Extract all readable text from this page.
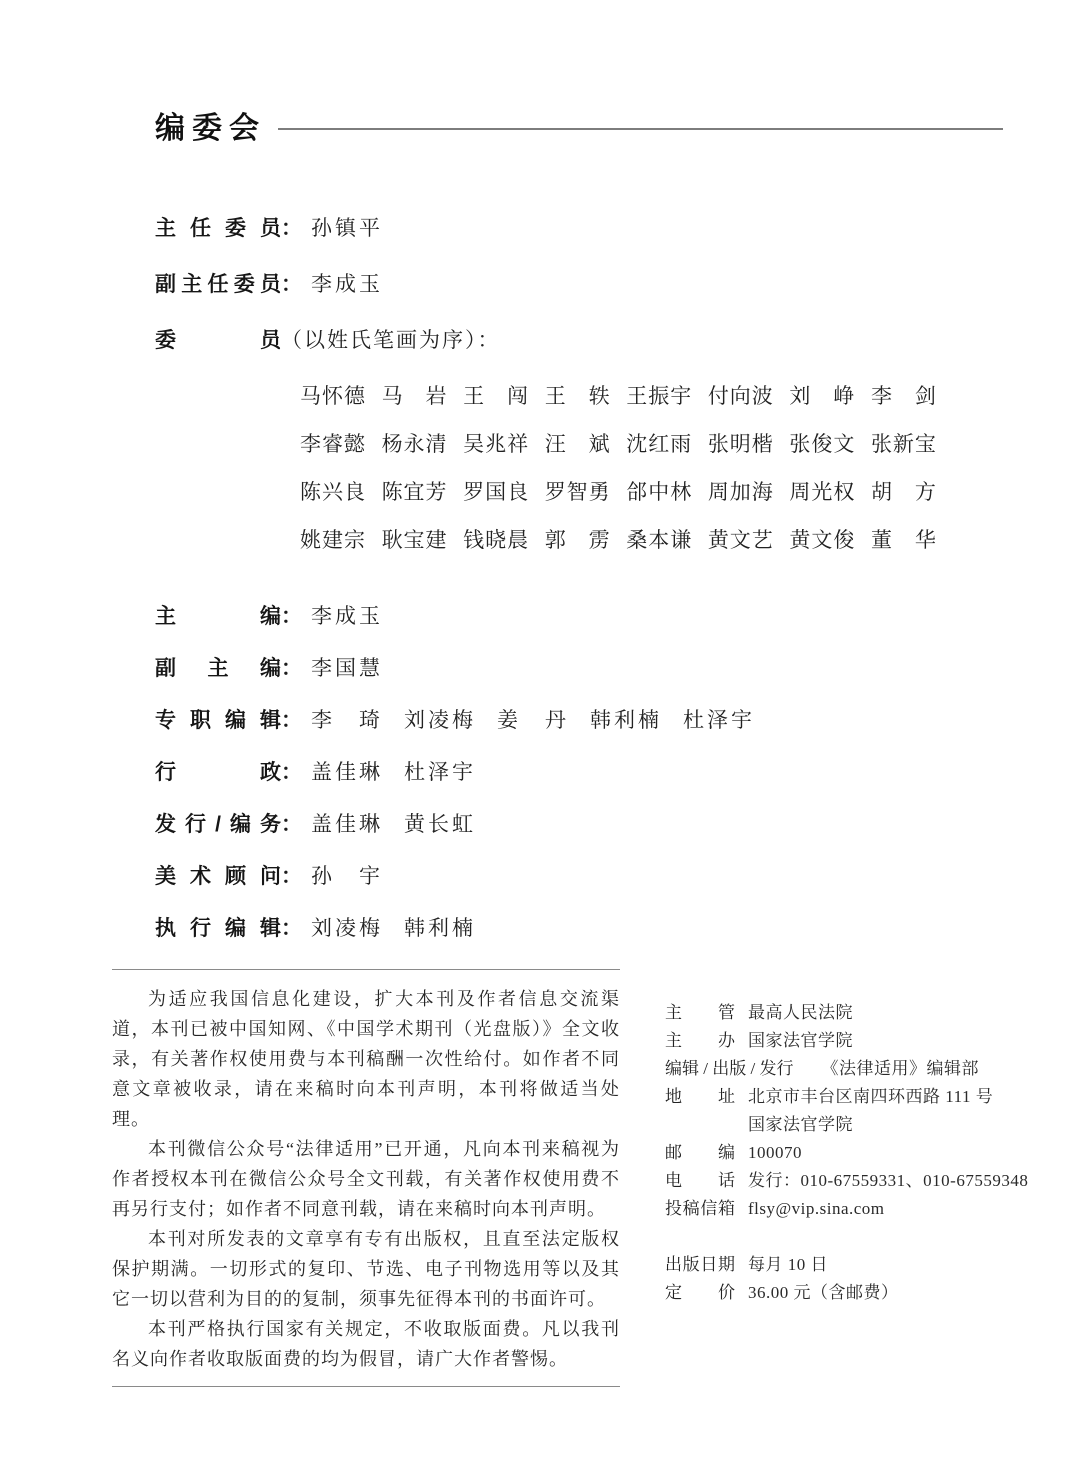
编委会
主任委员 ： 孙镇平
副主任委员 ： 李成玉
委员 （以姓氏笔画为序）：
马怀德 马　岩 王　闯 王　轶 王振宇 付向波 刘　峥 李　剑
李睿懿 杨永清 吴兆祥 汪　斌 沈红雨 张明楷 张俊文 张新宝
陈兴良 陈宜芳 罗国良 罗智勇 郃中林 周加海 周光权 胡　方
姚建宗 耿宝建 钱晓晨 郭　雳 桑本谦 黄文艺 黄文俊 董　华
主编 ： 李成玉
副主编 ： 李国慧
专职编辑 ： 李　琦 刘凌梅 姜　丹 韩利楠 杜泽宇
行政 ： 盖佳琳 杜泽宇
发行/编务 ： 盖佳琳 黄长虹
美术顾问 ： 孙　宇
执行编辑 ： 刘凌梅 韩利楠

为适应我国信息化建设，扩大本刊及作者信息交流渠道，本刊已被中国知网、《中国学术期刊（光盘版）》全文收录，有关著作权使用费与本刊稿酬一次性给付。如作者不同意文章被收录，请在来稿时向本刊声明，本刊将做适当处理。

本刊微信公众号“法律适用”已开通，凡向本刊来稿视为作者授权本刊在微信公众号全文刊载，有关著作权使用费不再另行支付；如作者不同意刊载，请在来稿时向本刊声明。

本刊对所发表的文章享有专有出版权，且直至法定版权保护期满。一切形式的复印、节选、电子刊物选用等以及其它一切以营利为目的的复制，须事先征得本刊的书面许可。

本刊严格执行国家有关规定，不收取版面费。凡以我刊名义向作者收取版面费的均为假冒，请广大作者警惕。

主管 最高人民法院
主办 国家法官学院
编辑 / 出版 / 发行 《法律适用》编辑部
地址 北京市丰台区南四环西路 111 号
国家法官学院
邮编 100070
电话 发行：010-67559331、010-67559348
投稿信箱 flsy@vip.sina.com
出版日期 每月 10 日
定价 36.00 元（含邮费）
